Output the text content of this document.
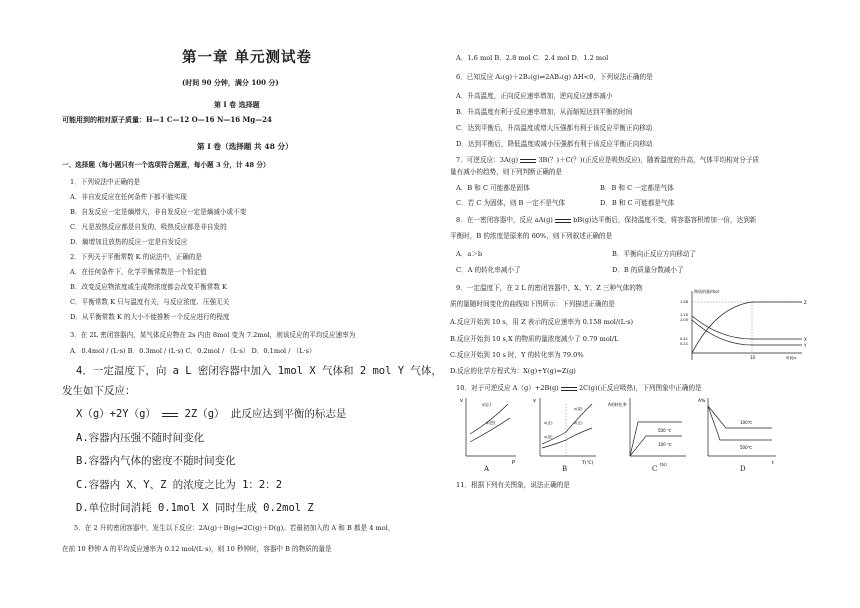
第一章 单元测试卷
(时间 90 分钟，满分 100 分)
第 I 卷 选择题
可能用到的相对原子质量：H—1 C—12 O—16 N—16 Mg—24
第 I 卷（选择题 共 48 分）
一、选择题（每小题只有一个选项符合题意，每小题 3 分，计 48 分）
1．下列说法中正确的是
A．非自发反应在任何条件下都不能实现
B．自发反应一定是熵增大，非自发反应一定是熵减小或不变
C．凡是放热反应都是自发的，吸热反应都是非自发的
D．熵增加且放热的反应一定是自发反应
2．下列关于平衡常数 K 的说法中，正确的是
A．在任何条件下，化学平衡常数是一个恒定值
B．改变反应物浓度或生成物浓度都会改变平衡常数 K
C．平衡常数 K 只与温度有关，与反应浓度、压强无关
D．从平衡常数 K 的大小不能推断一个反应进行的程度
3．在 2L 密闭容器内，某气体反应物在 2s 内由 8mol 变为 7.2mol，则该反应的平均反应速率为
A．0.4mol / (L·s) B．0.3mol / (L·s) C．0.2mol / （L·s） D．0.1mol / （L·s）
4．一定温度下，向 a L 密闭容器中加入 1mol X 气体和 2 mol Y 气体，
发生如下反应：
X（g）+2Y（g）	2Z（g） 此反应达到平衡的标志是
A.容器内压强不随时间变化
B.容器内气体的密度不随时间变化
C.容器内 X、Y、Z 的浓度之比为 1：2：2
D.单位时间消耗 0.1mol X 同时生成 0.2mol Z
5．在 2 升的密闭容器中，发生以下反应：2A(g)＋B(g)⇌2C(g)＋D(g)。若最初加入的 A 和 B 都是 4 mol，
在前 10 秒钟 A 的平均反应速率为 0.12 mol/(L·s)，则 10 秒钟时，容器中 B 的物质的量是
A．1.6 mol B．2.8 mol C．2.4 mol D．1.2 mol
6．已知反应 A₂(g)＋2B₂(g)⇌2AB₂(g) ΔH<0，下列说法正确的是
A．升高温度，正向反应速率增加，逆向反应速率减小
B．升高温度有利于反应速率增加，从而缩短达到平衡的时间
C．达到平衡后，升高温度或增大压强都有利于该反应平衡正向移动
D．达到平衡后，降低温度或减小压强都有利于该反应平衡正向移动
7．可逆反应：3A(g)	3B(？)＋C(？)(正反应是吸热反应)，随着温度的升高，气体平均相对分子质
量有减小的趋势，则下列判断正确的是
A．B 和 C 可能都是固体	B．B 和 C 一定都是气体
C．若 C 为固体，则 B 一定不是气体	D．B 和 C 可能都是气体
8．在一密闭容器中，反应 aA(g)	bB(g)达平衡后，保持温度不变，将容器容积增加一倍，达到新
平衡时，B 的浓度是原来的 60%，则下列叙述正确的是
A．a＞b	B．平衡向正反应方向移动了
C．A 的转化率减小了	D．B 的质量分数减小了
9．一定温度下，在 2 L 的密闭容器中，X、Y、Z 三种气体的物
质的量随时间变化的曲线如下图所示：下列描述正确的是
A.反应开始到 10 s，用 Z 表示的反应速率为 0.158 mol/(L·s)
B.反应开始到 10 s,X 的物质的量浓度减少了 0.79 mol/L
C.反应开始到 10 s 时，Y 的转化率为 79.0%
D.反应的化学方程式为：X(g)+Y(g)=Z(g)
物质的量/mol
1.58
1.20
1.00
0.41
0.21
Z
X
Y
10	时间/s
10．对于可逆反应 A（g）+2B(g)	2C(g)(正反应吸热)，下列图象中正确的是
v
P
v(正)
v(逆)
A
v
T(℃)
v(正)
v(逆)
v(逆)
v(正)
B
A的转化率
t(s)
500 ℃
100 ℃
C
A%
t
100℃
500℃
D
11．根据下列有关图象，说法正确的是
